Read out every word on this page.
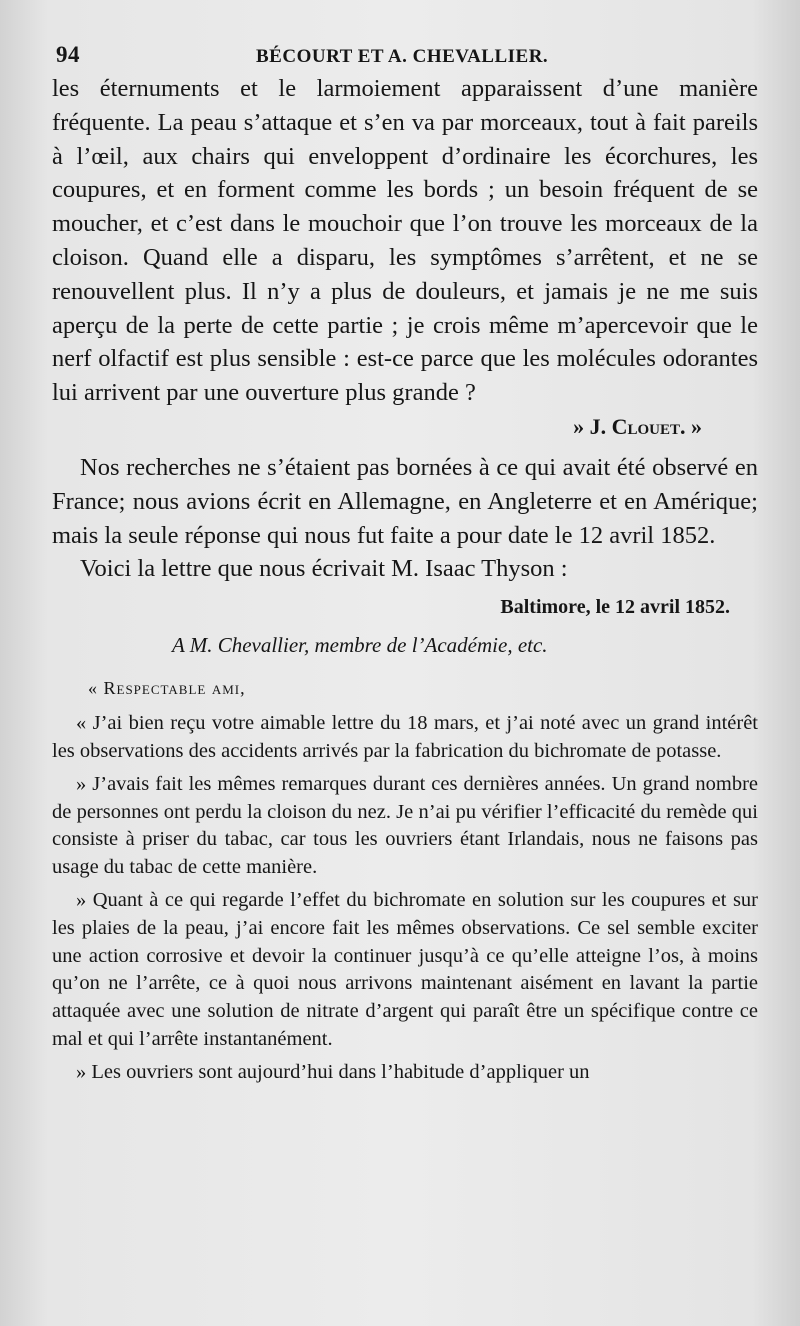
94	BÉCOURT ET A. CHEVALLIER.

les éternuments et le larmoiement apparaissent d’une manière fréquente. La peau s’attaque et s’en va par morceaux, tout à fait pareils à l’œil, aux chairs qui enveloppent d’ordinaire les écorchures, les coupures, et en forment comme les bords ; un besoin fréquent de se moucher, et c’est dans le mouchoir que l’on trouve les morceaux de la cloison. Quand elle a disparu, les symptômes s’arrêtent, et ne se renouvellent plus. Il n’y a plus de douleurs, et jamais je ne me suis aperçu de la perte de cette partie ; je crois même m’apercevoir que le nerf olfactif est plus sensible : est-ce parce que les molécules odorantes lui arrivent par une ouverture plus grande ?

» J. Clouet. »

Nos recherches ne s’étaient pas bornées à ce qui avait été observé en France; nous avions écrit en Allemagne, en Angleterre et en Amérique; mais la seule réponse qui nous fut faite a pour date le 12 avril 1852.

Voici la lettre que nous écrivait M. Isaac Thyson :

Baltimore, le 12 avril 1852.

A M. Chevallier, membre de l’Académie, etc.

« Respectable ami,

« J’ai bien reçu votre aimable lettre du 18 mars, et j’ai noté avec un grand intérêt les observations des accidents arrivés par la fabrication du bichromate de potasse.

» J’avais fait les mêmes remarques durant ces dernières années. Un grand nombre de personnes ont perdu la cloison du nez. Je n’ai pu vérifier l’efficacité du remède qui consiste à priser du tabac, car tous les ouvriers étant Irlandais, nous ne faisons pas usage du tabac de cette manière.

» Quant à ce qui regarde l’effet du bichromate en solution sur les coupures et sur les plaies de la peau, j’ai encore fait les mêmes observations. Ce sel semble exciter une action corrosive et devoir la continuer jusqu’à ce qu’elle atteigne l’os, à moins qu’on ne l’arrête, ce à quoi nous arrivons maintenant aisément en lavant la partie attaquée avec une solution de nitrate d’argent qui paraît être un spécifique contre ce mal et qui l’arrête instantanément.

» Les ouvriers sont aujourd’hui dans l’habitude d’appliquer un
